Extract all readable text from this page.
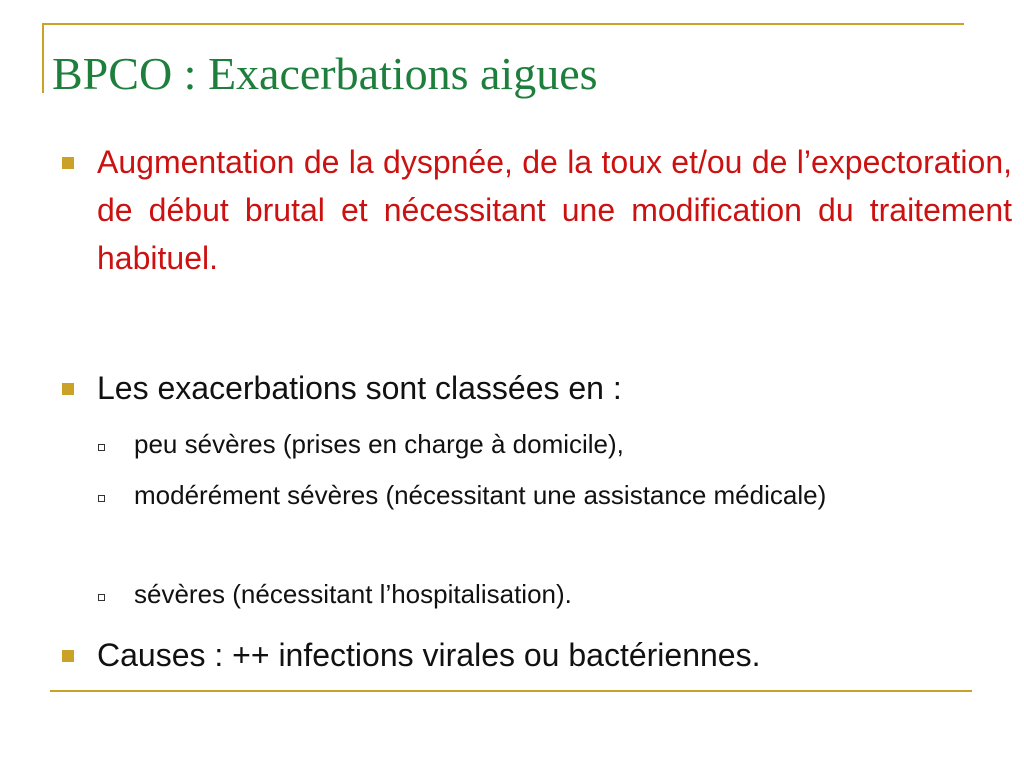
BPCO : Exacerbations aigues

Augmentation de la dyspnée, de la toux et/ou de l’expectoration, de début brutal et nécessitant une modification du traitement habituel.

Les exacerbations sont classées en :

peu sévères (prises en charge à domicile),

modérément sévères (nécessitant une assistance médicale)

sévères (nécessitant l’hospitalisation).

Causes : ++ infections virales ou bactériennes.
